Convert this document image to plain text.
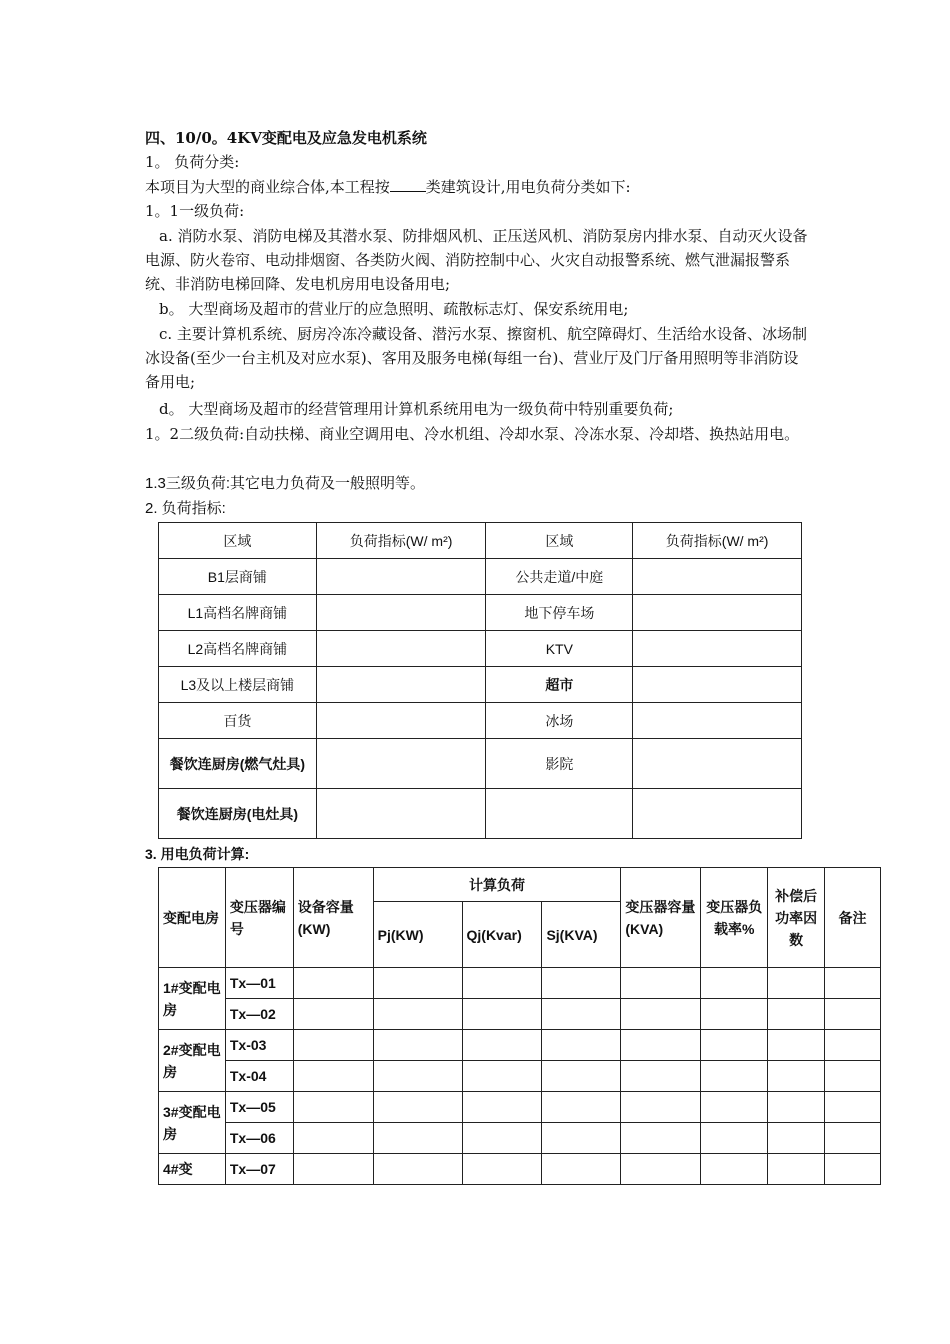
四、10/0。4KV变配电及应急发电机系统
1。 负荷分类:
本项目为大型的商业综合体,本工程按 类建筑设计,用电负荷分类如下:
1。1一级负荷:
a. 消防水泵、消防电梯及其潜水泵、防排烟风机、正压送风机、消防泵房内排水泵、自动灭火设备电源、防火卷帘、电动排烟窗、各类防火阀、消防控制中心、火灾自动报警系统、燃气泄漏报警系统、非消防电梯回降、发电机房用电设备用电;
b。 大型商场及超市的营业厅的应急照明、疏散标志灯、保安系统用电;
c. 主要计算机系统、厨房冷冻冷藏设备、潜污水泵、擦窗机、航空障碍灯、生活给水设备、冰场制冰设备(至少一台主机及对应水泵)、客用及服务电梯(每组一台)、营业厅及门厅备用照明等非消防设备用电;
d。 大型商场及超市的经营管理用计算机系统用电为一级负荷中特别重要负荷;
1。2二级负荷:自动扶梯、商业空调用电、冷水机组、冷却水泵、冷冻水泵、冷却塔、换热站用电。
1.3三级负荷:其它电力负荷及一般照明等。
2. 负荷指标:
区域	负荷指标(W/ m²)	区域	负荷指标(W/ m²)
B1层商铺		公共走道/中庭	
L1高档名牌商铺		地下停车场	
L2高档名牌商铺		KTV	
L3及以上楼层商铺		超市	
百货		冰场	
餐饮连厨房(燃气灶具)		影院	
餐饮连厨房(电灶具)			
3. 用电负荷计算:
变配电房	变压器编号	设备容量(KW)	计算负荷			变压器容量(KVA)	变压器负载率%	补偿后功率因数	备注
			Pj(KW)	Qj(Kvar)	Sj(KVA)				
1#变配电房	Tx—01								
	Tx—02								
2#变配电房	Tx-03								
	Tx-04								
3#变配电房	Tx—05								
	Tx—06								
4#变	Tx—07								
